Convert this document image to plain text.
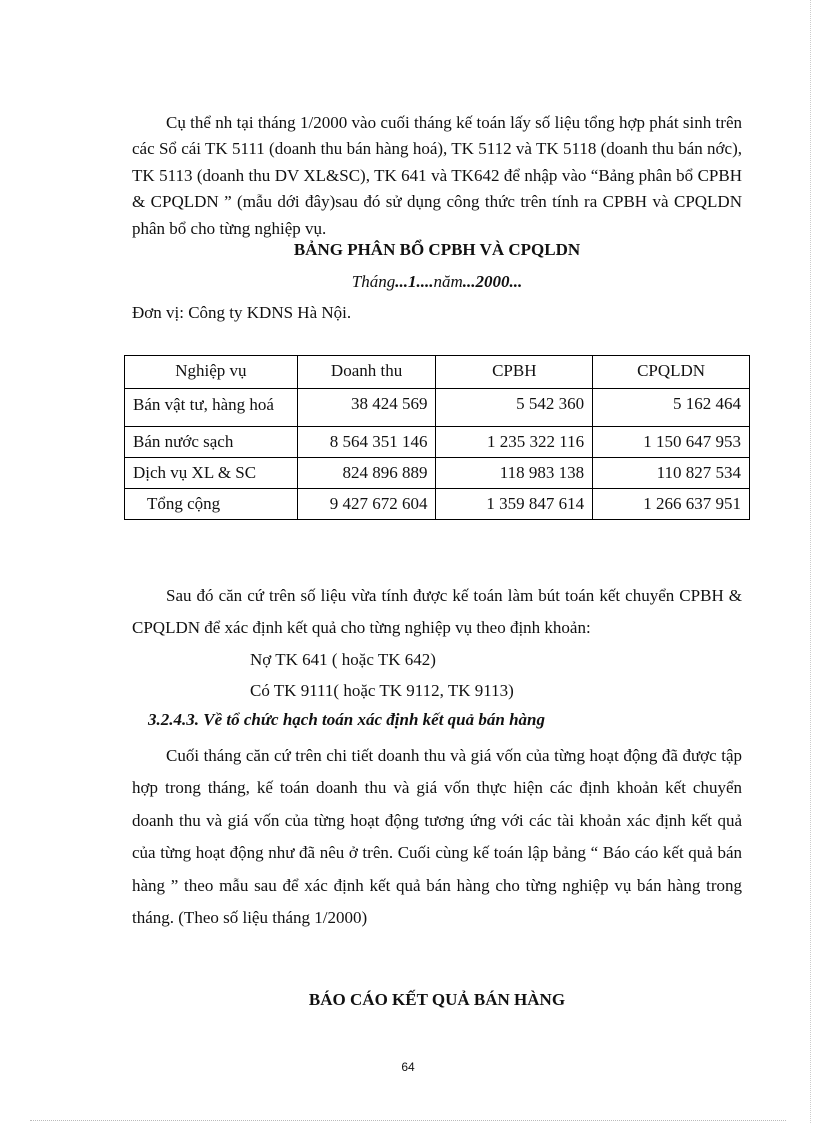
Cụ thể nh tại tháng 1/2000 vào cuối tháng kế toán lấy số liệu tổng hợp phát sinh trên các Sổ cái TK 5111 (doanh thu bán hàng hoá), TK 5112 và TK 5118 (doanh thu bán nớc), TK 5113 (doanh thu DV XL&SC), TK 641 và TK642 để nhập vào “Bảng phân bổ CPBH & CPQLDN ” (mẫu dới đây)sau đó sử dụng công thức trên tính ra CPBH và CPQLDN phân bổ cho từng nghiệp vụ.

BẢNG PHÂN BỔ CPBH VÀ CPQLDN
Tháng...1....năm...2000...
Đơn vị: Công ty KDNS Hà Nội.
Nghiệp vụ	Doanh thu	CPBH	CPQLDN
Bán vật tư, hàng hoá	38 424 569	5 542 360	5 162 464
Bán nước sạch	8 564 351 146	1 235 322 116	1 150 647 953
Dịch vụ XL & SC	824 896 889	118 983 138	110 827 534
Tổng cộng	9 427 672 604	1 359 847 614	1 266 637 951

Sau đó căn cứ trên số liệu vừa tính được kế toán làm bút toán kết chuyển CPBH & CPQLDN để xác định kết quả cho từng nghiệp vụ theo định khoản:

Nợ TK 641 ( hoặc TK 642)
Có TK 9111( hoặc TK 9112, TK 9113)
3.2.4.3. Về tổ chức hạch toán xác định kết quả bán hàng

Cuối tháng căn cứ trên chi tiết doanh thu và giá vốn của từng hoạt động đã được tập hợp trong tháng, kế toán doanh thu và giá vốn thực hiện các định khoản kết chuyển doanh thu và giá vốn của từng hoạt động tương ứng với các tài khoản xác định kết quả của từng hoạt động như đã nêu ở trên. Cuối cùng kế toán lập bảng “ Báo cáo kết quả bán hàng ” theo mẫu sau để xác định kết quả bán hàng cho từng nghiệp vụ bán hàng trong tháng. (Theo số liệu tháng 1/2000)

BÁO CÁO KẾT QUẢ BÁN HÀNG
64
